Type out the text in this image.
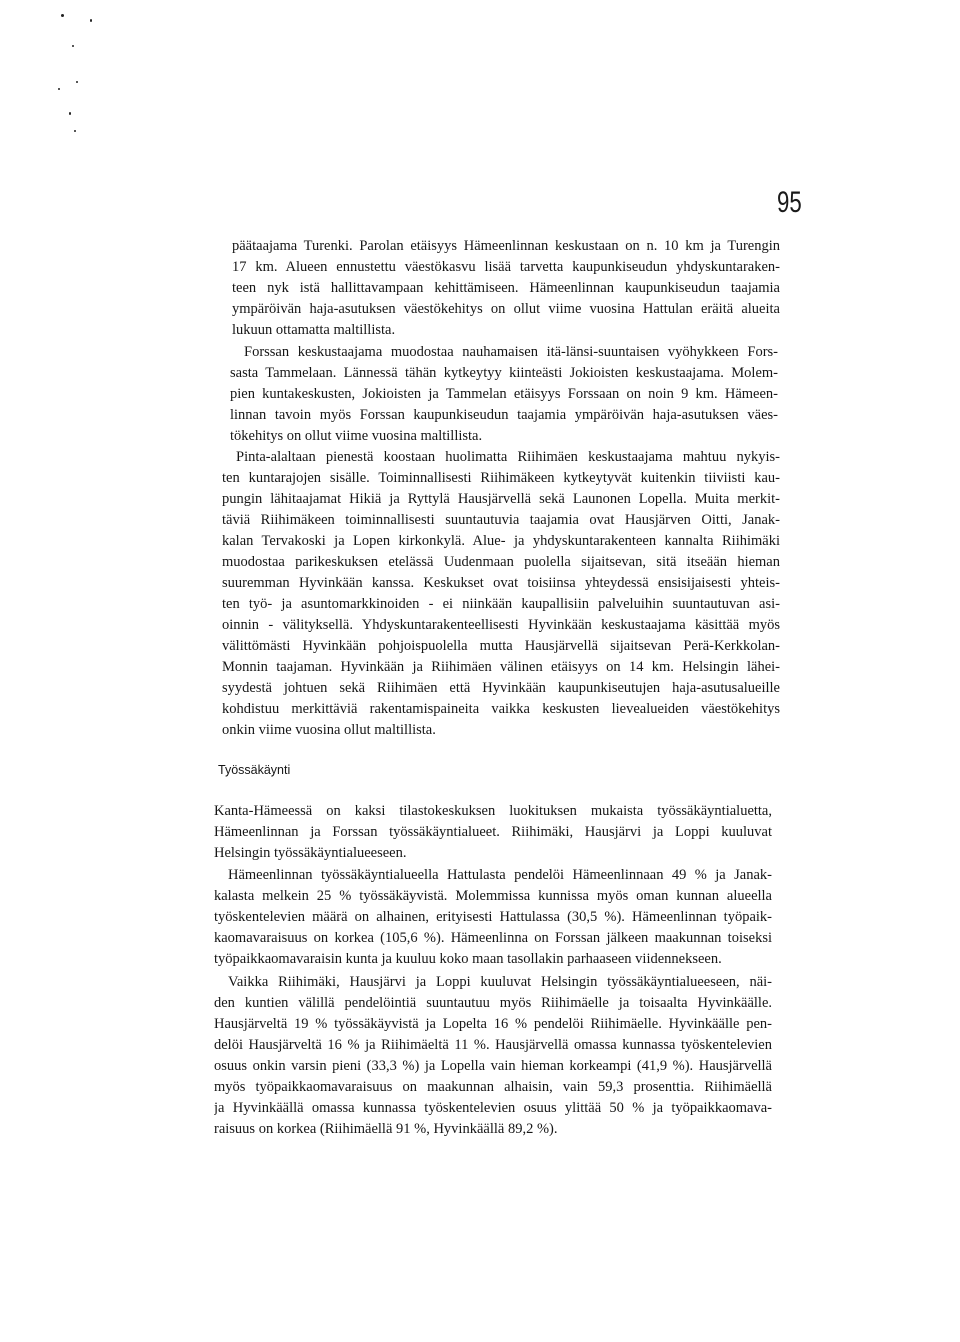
95
päätaajama Turenki. Parolan etäisyys Hämeenlinnan keskustaan on n. 10 km ja Turengin
17 km. Alueen ennustettu väestökasvu lisää tarvetta kaupunkiseudun yhdyskuntaraken-
teen nyk istä hallittavampaan kehittämiseen. Hämeenlinnan kaupunkiseudun taajamia
ympäröivän haja-asutuksen väestökehitys on ollut viime vuosina Hattulan eräitä alueita
lukuun ottamatta maltillista.
Forssan keskustaajama muodostaa nauhamaisen itä-länsi-suuntaisen vyöhykkeen Fors-
sasta Tammelaan. Lännessä tähän kytkeytyy kiinteästi Jokioisten keskustaajama. Molem-
pien kuntakeskusten, Jokioisten ja Tammelan etäisyys Forssaan on noin 9 km. Hämeen-
linnan tavoin myös Forssan kaupunkiseudun taajamia ympäröivän haja-asutuksen väes-
tökehitys on ollut viime vuosina maltillista.
Pinta-alaltaan pienestä koostaan huolimatta Riihimäen keskustaajama mahtuu nykyis-
ten kuntarajojen sisälle. Toiminnallisesti Riihimäkeen kytkeytyvät kuitenkin tiiviisti kau-
pungin lähitaajamat Hikiä ja Ryttylä Hausjärvellä sekä Launonen Lopella. Muita merkit-
täviä Riihimäkeen toiminnallisesti suuntautuvia taajamia ovat Hausjärven Oitti, Janak-
kalan Tervakoski ja Lopen kirkonkylä. Alue- ja yhdyskuntarakenteen kannalta Riihimäki
muodostaa parikeskuksen etelässä Uudenmaan puolella sijaitsevan, sitä itseään hieman
suuremman Hyvinkään kanssa. Keskukset ovat toisiinsa yhteydessä ensisijaisesti yhteis-
ten työ- ja asuntomarkkinoiden - ei niinkään kaupallisiin palveluihin suuntautuvan asi-
oinnin - välityksellä. Yhdyskuntarakenteellisesti Hyvinkään keskustaajama käsittää myös
välittömästi Hyvinkään pohjoispuolella mutta Hausjärvellä sijaitsevan Perä-Kerkkolan-
Monnin taajaman. Hyvinkään ja Riihimäen välinen etäisyys on 14 km. Helsingin lähei-
syydestä johtuen sekä Riihimäen että Hyvinkään kaupunkiseutujen haja-asutusalueille
kohdistuu merkittäviä rakentamispaineita vaikka keskusten lievealueiden väestökehitys
onkin viime vuosina ollut maltillista.
Työssäkäynti
Kanta-Hämeessä on kaksi tilastokeskuksen luokituksen mukaista työssäkäyntialuetta,
Hämeenlinnan ja Forssan työssäkäyntialueet. Riihimäki, Hausjärvi ja Loppi kuuluvat
Helsingin työssäkäyntialueeseen.
Hämeenlinnan työssäkäyntialueella Hattulasta pendelöi Hämeenlinnaan 49 % ja Janak-
kalasta melkein 25 % työssäkäyvistä. Molemmissa kunnissa myös oman kunnan alueella
työskentelevien määrä on alhainen, erityisesti Hattulassa (30,5 %). Hämeenlinnan työpaik-
kaomavaraisuus on korkea (105,6 %). Hämeenlinna on Forssan jälkeen maakunnan toiseksi
työpaikkaomavaraisin kunta ja kuuluu koko maan tasollakin parhaaseen viidennekseen.
Vaikka Riihimäki, Hausjärvi ja Loppi kuuluvat Helsingin työssäkäyntialueeseen, näi-
den kuntien välillä pendelöintiä suuntautuu myös Riihimäelle ja toisaalta Hyvinkäälle.
Hausjärveltä 19 % työssäkäyvistä ja Lopelta 16 % pendelöi Riihimäelle. Hyvinkäälle pen-
delöi Hausjärveltä 16 % ja Riihimäeltä 11 %. Hausjärvellä omassa kunnassa työskentelevien
osuus onkin varsin pieni (33,3 %) ja Lopella vain hieman korkeampi (41,9 %). Hausjärvellä
myös työpaikkaomavaraisuus on maakunnan alhaisin, vain 59,3 prosenttia. Riihimäellä
ja Hyvinkäällä omassa kunnassa työskentelevien osuus ylittää 50 % ja työpaikkaomava-
raisuus on korkea (Riihimäellä 91 %, Hyvinkäällä 89,2 %).
